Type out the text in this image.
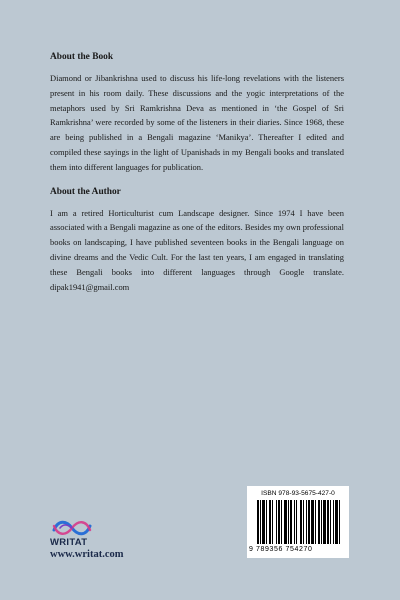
About the Book

Diamond or Jibankrishna used to discuss his life-long revelations with the listeners present in his room daily. These discussions and the yogic interpretations of the metaphors used by Sri Ramkrishna Deva as mentioned in ‘the Gospel of Sri Ramkrishna’ were recorded by some of the listeners in their diaries. Since 1968, these are being published in a Bengali magazine ‘Manikya’. Thereafter I edited and compiled these sayings in the light of Upanishads in my Bengali books and translated them into different languages for publication.

About the Author

I am a retired Horticulturist cum Landscape designer. Since 1974 I have been associated with a Bengali magazine as one of the editors. Besides my own professional books on landscaping, I have published seventeen books in the Bengali language on divine dreams and the Vedic Cult. For the last ten years, I am engaged in translating these Bengali books into different languages through Google translate. dipak1941@gmail.com

WRITAT
www.writat.com
ISBN 978-93-5675-427-0
9 789356 754270
